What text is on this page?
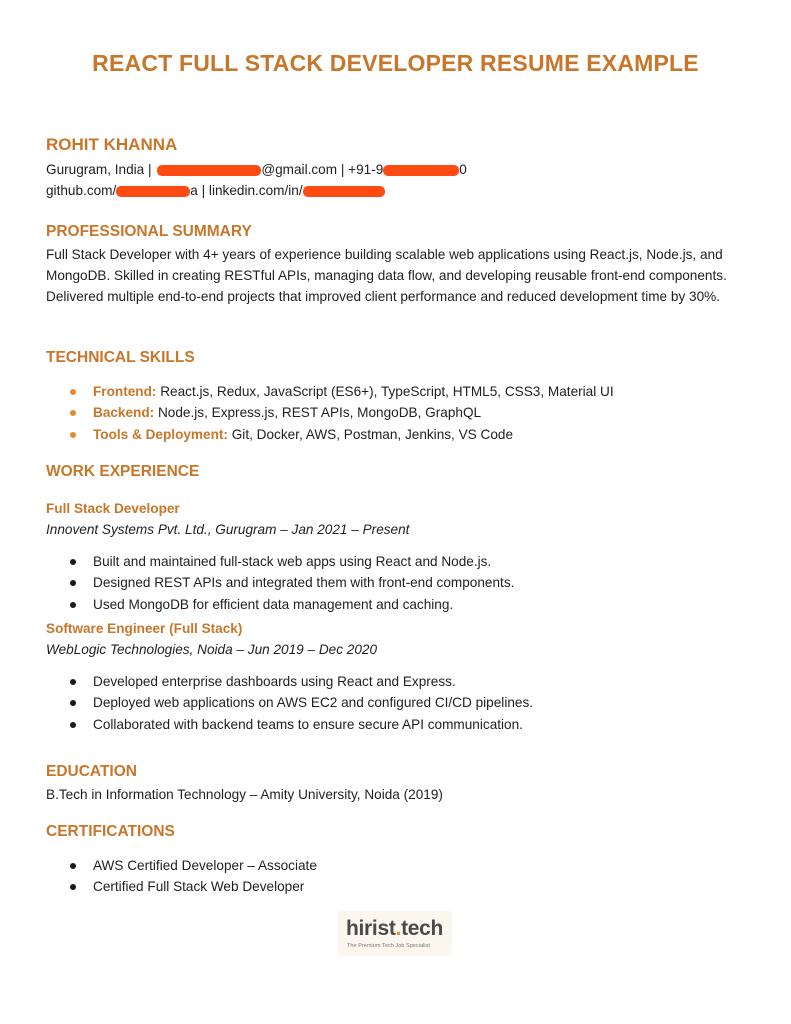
REACT FULL STACK DEVELOPER RESUME EXAMPLE
ROHIT KHANNA
Gurugram, India |	@gmail.com | +91-9	0
github.com/	a | linkedin.com/in/
PROFESSIONAL SUMMARY
Full Stack Developer with 4+ years of experience building scalable web applications using React.js, Node.js, and MongoDB. Skilled in creating RESTful APIs, managing data flow, and developing reusable front-end components. Delivered multiple end-to-end projects that improved client performance and reduced development time by 30%.
TECHNICAL SKILLS
Frontend: React.js, Redux, JavaScript (ES6+), TypeScript, HTML5, CSS3, Material UI
Backend: Node.js, Express.js, REST APIs, MongoDB, GraphQL
Tools & Deployment: Git, Docker, AWS, Postman, Jenkins, VS Code
WORK EXPERIENCE
Full Stack Developer
Innovent Systems Pvt. Ltd., Gurugram – Jan 2021 – Present
Built and maintained full-stack web apps using React and Node.js.
Designed REST APIs and integrated them with front-end components.
Used MongoDB for efficient data management and caching.
Software Engineer (Full Stack)
WebLogic Technologies, Noida – Jun 2019 – Dec 2020
Developed enterprise dashboards using React and Express.
Deployed web applications on AWS EC2 and configured CI/CD pipelines.
Collaborated with backend teams to ensure secure API communication.
EDUCATION
B.Tech in Information Technology – Amity University, Noida (2019)
CERTIFICATIONS
AWS Certified Developer – Associate
Certified Full Stack Web Developer
hirist.tech
The Premium Tech Job Specialist
